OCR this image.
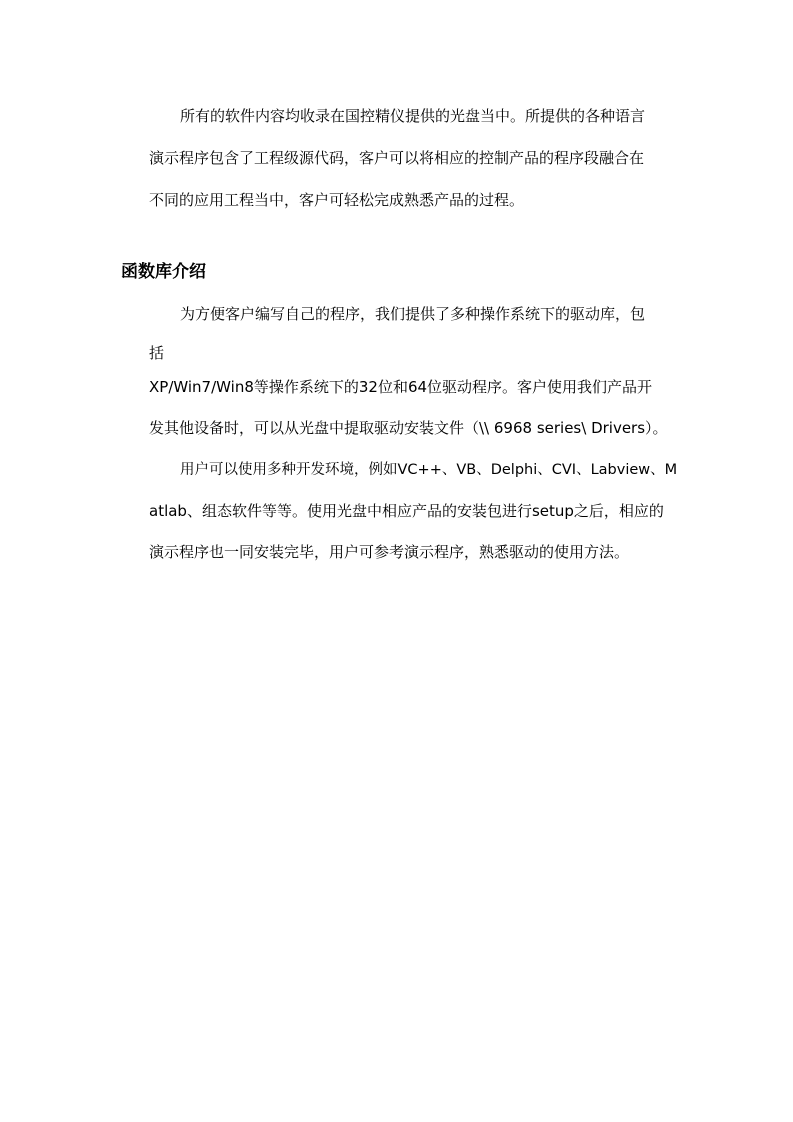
所有的软件内容均收录在国控精仪提供的光盘当中。所提供的各种语言
演示程序包含了工程级源代码，客户可以将相应的控制产品的程序段融合在
不同的应用工程当中，客户可轻松完成熟悉产品的过程。
函数库介绍
为方便客户编写自己的程序，我们提供了多种操作系统下的驱动库，包
括
XP/Win7/Win8等操作系统下的32位和64位驱动程序。客户使用我们产品开
发其他设备时，可以从光盘中提取驱动安装文件（\\ 6968 series\ Drivers）。
用户可以使用多种开发环境，例如VC++、VB、Delphi、CVI、Labview、M
atlab、组态软件等等。使用光盘中相应产品的安装包进行setup之后，相应的
演示程序也一同安装完毕，用户可参考演示程序，熟悉驱动的使用方法。
